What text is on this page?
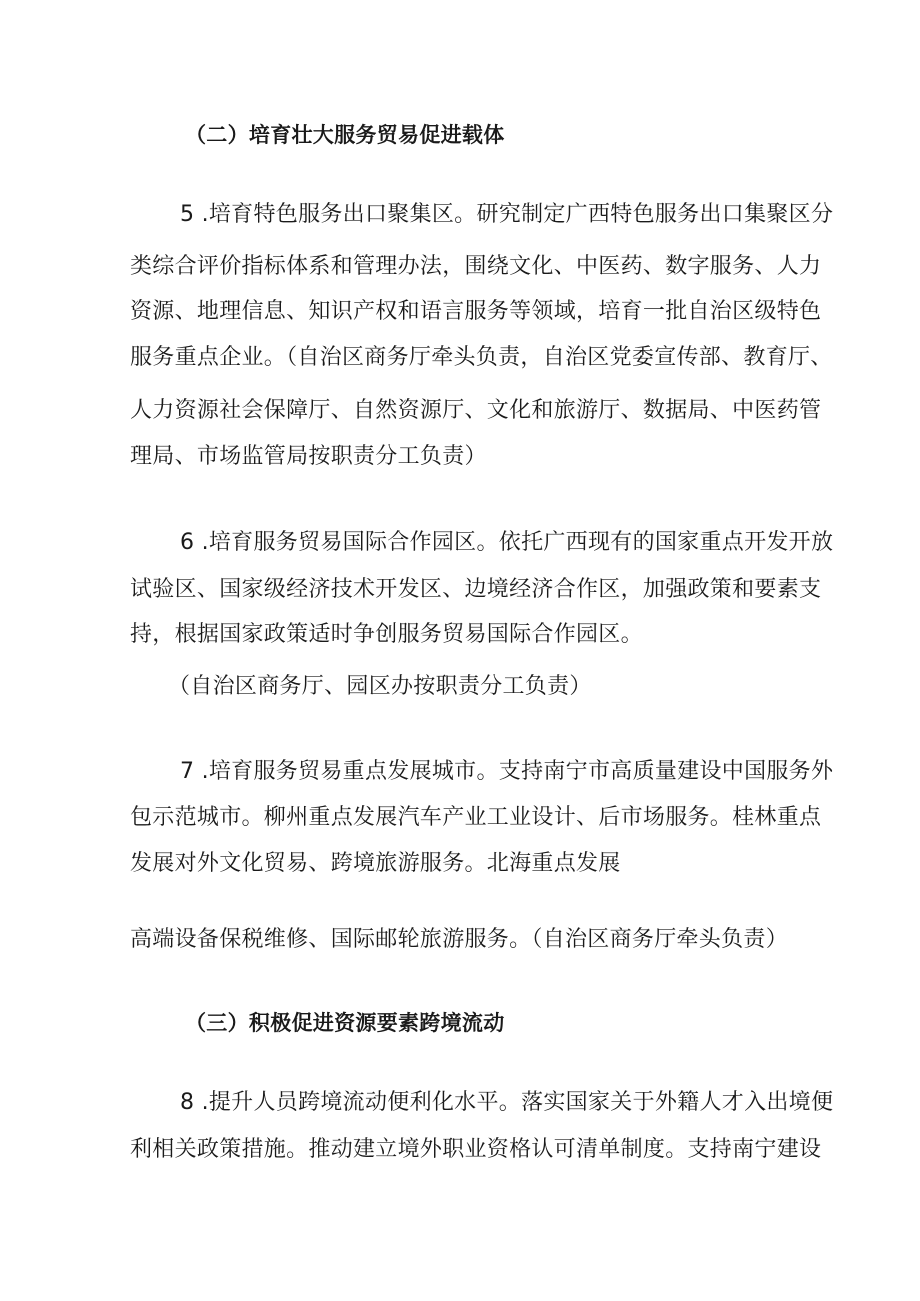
（二）培育壮大服务贸易促进载体
5 .培育特色服务出口聚集区。研究制定广西特色服务出口集聚区分
类综合评价指标体系和管理办法，围绕文化、中医药、数字服务、人力
资源、地理信息、知识产权和语言服务等领域，培育一批自治区级特色
服务重点企业。（自治区商务厅牵头负责，自治区党委宣传部、教育厅、
人力资源社会保障厅、自然资源厅、文化和旅游厅、数据局、中医药管
理局、市场监管局按职责分工负责）
6 .培育服务贸易国际合作园区。依托广西现有的国家重点开发开放
试验区、国家级经济技术开发区、边境经济合作区，加强政策和要素支
持，根据国家政策适时争创服务贸易国际合作园区。
（自治区商务厅、园区办按职责分工负责）
7 .培育服务贸易重点发展城市。支持南宁市高质量建设中国服务外
包示范城市。柳州重点发展汽车产业工业设计、后市场服务。桂林重点
发展对外文化贸易、跨境旅游服务。北海重点发展
高端设备保税维修、国际邮轮旅游服务。（自治区商务厅牵头负责）
（三）积极促进资源要素跨境流动
8 .提升人员跨境流动便利化水平。落实国家关于外籍人才入出境便
利相关政策措施。推动建立境外职业资格认可清单制度。支持南宁建设
